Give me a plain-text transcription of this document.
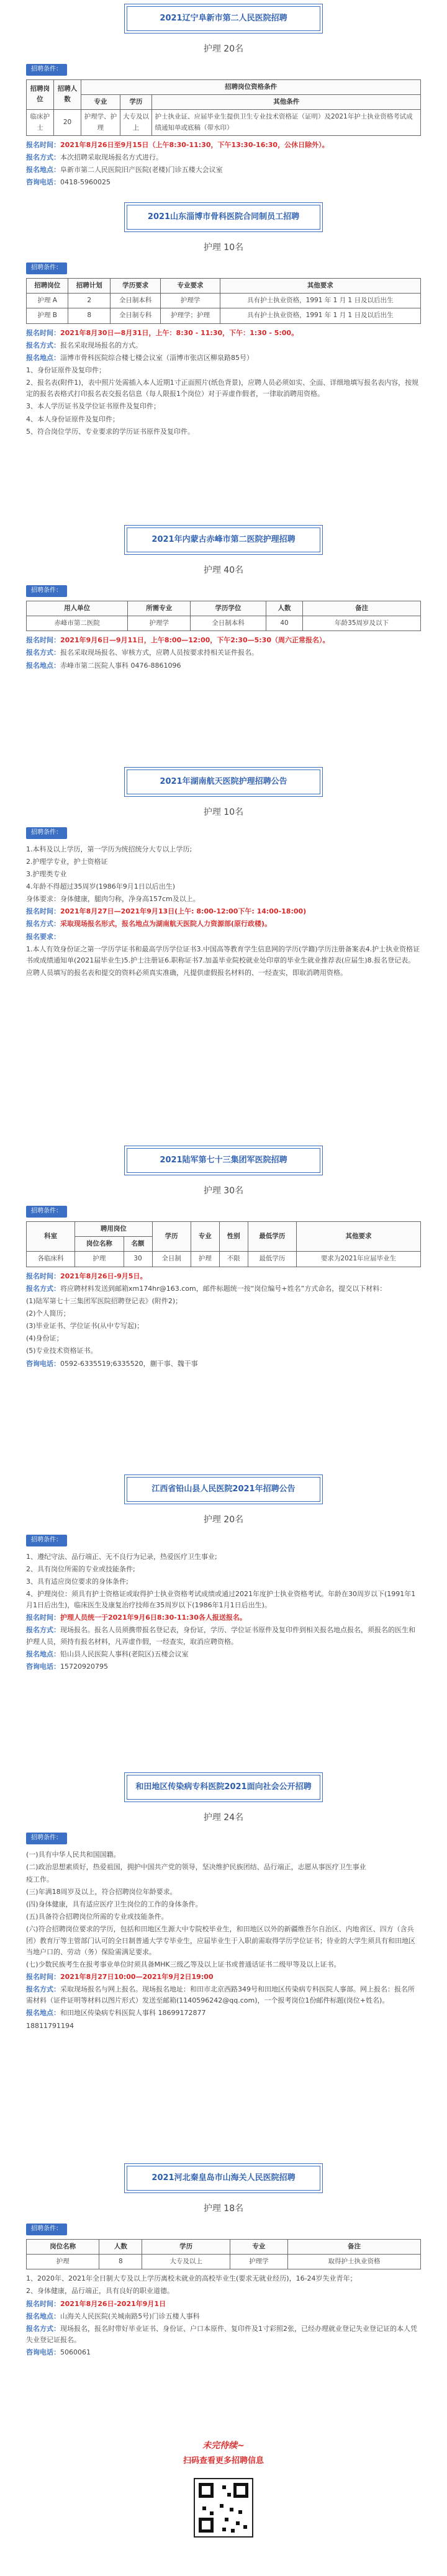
2021辽宁阜新市第二人民医院招聘
护理 20名
招聘条件：
招聘岗位	招聘人数	招聘岗位资格条件		
		专业	学历	其他条件
临床护士	20	护理学、护理	大专及以上	护士执业证、应届毕业生提供卫生专业技术资格证（证明）及2021年护士执业资格考试成绩通知单或底稿（带水印）
报名时间：2021年8月26日至9月15日（上午8:30-11:30，下午13:30-16:30，公休日除外）。
报名方式：本次招聘采取现场报名方式进行。
报名地点：阜新市第二人民医院旧产医院(老楼)门诊五楼大会议室
咨询电话：0418-5960025
2021山东淄博市骨科医院合同制员工招聘
护理 10名
招聘条件：
招聘岗位	招聘计划	学历要求	专业要求	其他要求
护理 A	2	全日制本科	护理学	具有护士执业资格，1991 年 1 月 1 日及以后出生
护理 B	8	全日制专科	护理学；护理	具有护士执业资格，1991 年 1 月 1 日及以后出生
报名时间：2021年8月30日—8月31日，上午：8:30 - 11:30，下午：1:30 - 5:00。
报名方式：报名采取现场报名的方式。
报名地点：淄博市骨科医院综合楼七楼会议室（淄博市张店区柳泉路85号）
1、身份证原件及复印件；
2、报名表(附件1)，表中照片处需插入本人近期1寸正面照片(纸色背景)，应聘人员必须如实、全面、详细地填写报名表内容，按规定的报名表格式打印报名表交报名信息（每人限报1个岗位）对于弄虚作假者，一律取消聘用资格。
3、本人学历证书及学位证书原件及复印件；
4、本人身份证原件及复印件；
5、符合岗位学历、专业要求的学历证书原件及复印件。
2021年内蒙古赤峰市第二医院护理招聘
护理 40名
招聘条件：
用人单位	所需专业	学历学位	人数	备注
赤峰市第二医院	护理学	全日制本科	40	年龄35周岁及以下
报名时间：2021年9月6日—9月11日，上午8:00—12:00，下午2:30—5:30（周六正常报名）。
报名方式：报名采取现场报名、审核方式，应聘人员按要求持相关证件报名。
报名地点：赤峰市第二医院人事科 0476-8861096
2021年湖南航天医院护理招聘公告
护理 10名
招聘条件：
1.本科及以上学历，第一学历为统招统分大专以上学历;
2.护理学专业，护士资格证
3.护理类专业
4.年龄不得超过35周岁(1986年9月1日以后出生)
身体要求：身体健康，腿肉匀称，净身高157cm及以上。
报名时间：2021年8月27日—2021年9月13日(上午: 8:00-12:00下午: 14:00-18:00)
报名方式：采取现场报名形式，报名地点为湖南航天医院人力资源部(原行政楼)。
报名要求：
1.本人有效身份证之第一学历学证书和最高学历学位证书3.中国高等教育学生信息网的学历(学籍)学历注册备案表4.护士执业资格证书或成绩通知单(2021届毕业生)5.护士注册证6.职称证书7.加盖毕业院校就业处印章的毕业生就业推荐表(应届生)8.报名登记表。
应聘人员填写的报名表和提交的资料必须真实准确，凡提供虚假报名材料的、一经查实，即取消聘用资格。
2021陆军第七十三集团军医院招聘
护理 30名
招聘条件：
科室	聘用岗位		学历	专业	性别	最低学历	其他要求
	岗位名称	名额					
各临床科	护理	30	全日制	护理	不限	最低学历	要求为2021年应届毕业生
报名时间：2021年8月26日-9月5日。
报名方式：将应聘材料发送到邮箱xm174hr@163.com，邮件标题统一按“岗位编号+姓名”方式命名，提交以下材料：
(1)陆军第七十三集团军医院招聘登记表》(附件2)；
(2)个人简历；
(3)毕业证书、学位证书(从中专写起)；
(4)身份证；
(5)专业技术资格证书。
咨询电话：0592-6335519;6335520，蒯干事、魏干事
江西省铅山县人民医院2021年招聘公告
护理 20名
招聘条件：
1、遵纪守法、品行端正、无不良行为记录，热爱医疗卫生事业;
2、具有岗位所需的专业或技能条件;
3、具有适应岗位要求的身体条件;
4、护理岗位：须具有护士资格证或取得护士执业资格考试成绩或通过2021年度护士执业资格考试。年龄在30周岁以下(1991年1月1日后出生)，临床医生及康复治疗技师在35周岁以下(1986年1月1日后出生)。
报名时间：护理人员统一于2021年9月6日8:30-11:30各人报送报名。
报名方式：现场报名。报名人员须携带报名登记表，身份证，学历、学位证书原件及复印件到相关报名地点报名，须报名的医生和护理人员，须持有报名材料，凡弄虚作假，一经查实，取消应聘资格。
报名地点：铅山县人民医院人事科(老院区)五楼会议室
咨询电话：15720920795
和田地区传染病专科医院2021面向社会公开招聘
护理 24名
招聘条件：
(一)具有中华人民共和国国籍。
(二)政治思想素质好，热爱祖国，拥护中国共产党的领导，坚决维护民族团结、品行端正，志愿从事医疗卫生事业
疫工作。
(三)年满18周岁及以上，符合招聘岗位年龄要求。
(四)身体健康，具有适应医疗卫生岗位的工作的身体条件。
(五)具备符合招聘岗位所需的专业或技能条件。
(六)符合招聘岗位要求的学历，包括和田地区生源大中专院校毕业生，和田地区以外的新疆维吾尔自治区、内地省区、四方（含兵团）教育厅等主管部门认可的全日制普通大学专毕业生，应届毕业生于入职前需取得学历学位证书；待业的大学生须具有和田地区当地户口的、劳动（务）保险需满足要求。
(七)少数民族考生在报考事业单位时须具备MHK三级乙等及以上证书或普通话证书二级甲等及以上证书。
报名时间：2021年8月27日10:00—2021年9月2日19:00
报名方式：采取现场报名与网上报名。现场报名地址：和田市北京西路349号和田地区传染病专科医院人事部。网上报名：报名所需材料（证件证明等材料以图片形式）发送至邮箱(1140596242@qq.com)，一个报考岗位1份邮件标题(岗位+姓名)。
报名地点：和田地区传染病专科医院人事科 18699172877
18811791194
2021河北秦皇岛市山海关人民医院招聘
护理 18名
招聘条件：
岗位名称	人数	学历	专业	备注
护理	8	大专及以上	护理学	取得护士执业资格
1、2020年、2021年全日制大专及以上学历离校未就业的高校毕业生(要求无就业经历)，16-24岁失业青年；
2、身体健康，品行端正，具有良好的职业道德。
报名时间：2021年8月26日-2021年9月1日
报名地点：山海关人民医院(关城南路5号)门诊五楼人事科
报名方式：现场报名，报名时带好毕业证书、身份证、户口本原件、复印件及1寸彩照2张，已经办理就业登记失业登记证的本人凭失业登记证报名。
咨询电话：5060061
未完待续~
扫码查看更多招聘信息
